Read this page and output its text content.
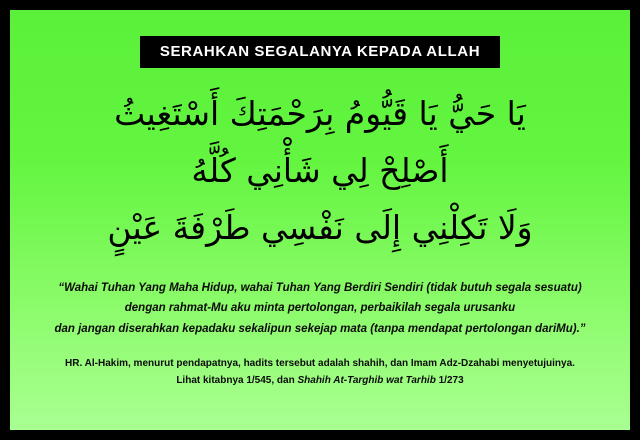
SERAHKAN SEGALANYA KEPADA ALLAH
يَا حَيُّ يَا قَيُّومُ بِرَحْمَتِكَ أَسْتَغِيثُ
أَصْلِحْ لِي شَأْنِي كُلَّهُ
وَلَا تَكِلْنِي إِلَى نَفْسِي طَرْفَةَ عَيْنٍ
“Wahai Tuhan Yang Maha Hidup, wahai Tuhan Yang Berdiri Sendiri (tidak butuh segala sesuatu)
dengan rahmat-Mu aku minta pertolongan, perbaikilah segala urusanku
dan jangan diserahkan kepadaku sekalipun sekejap mata (tanpa mendapat pertolongan dariMu).”
HR. Al-Hakim, menurut pendapatnya, hadits tersebut adalah shahih, dan Imam Adz-Dzahabi menyetujuinya.
Lihat kitabnya 1/545, dan Shahih At-Targhib wat Tarhib 1/273
